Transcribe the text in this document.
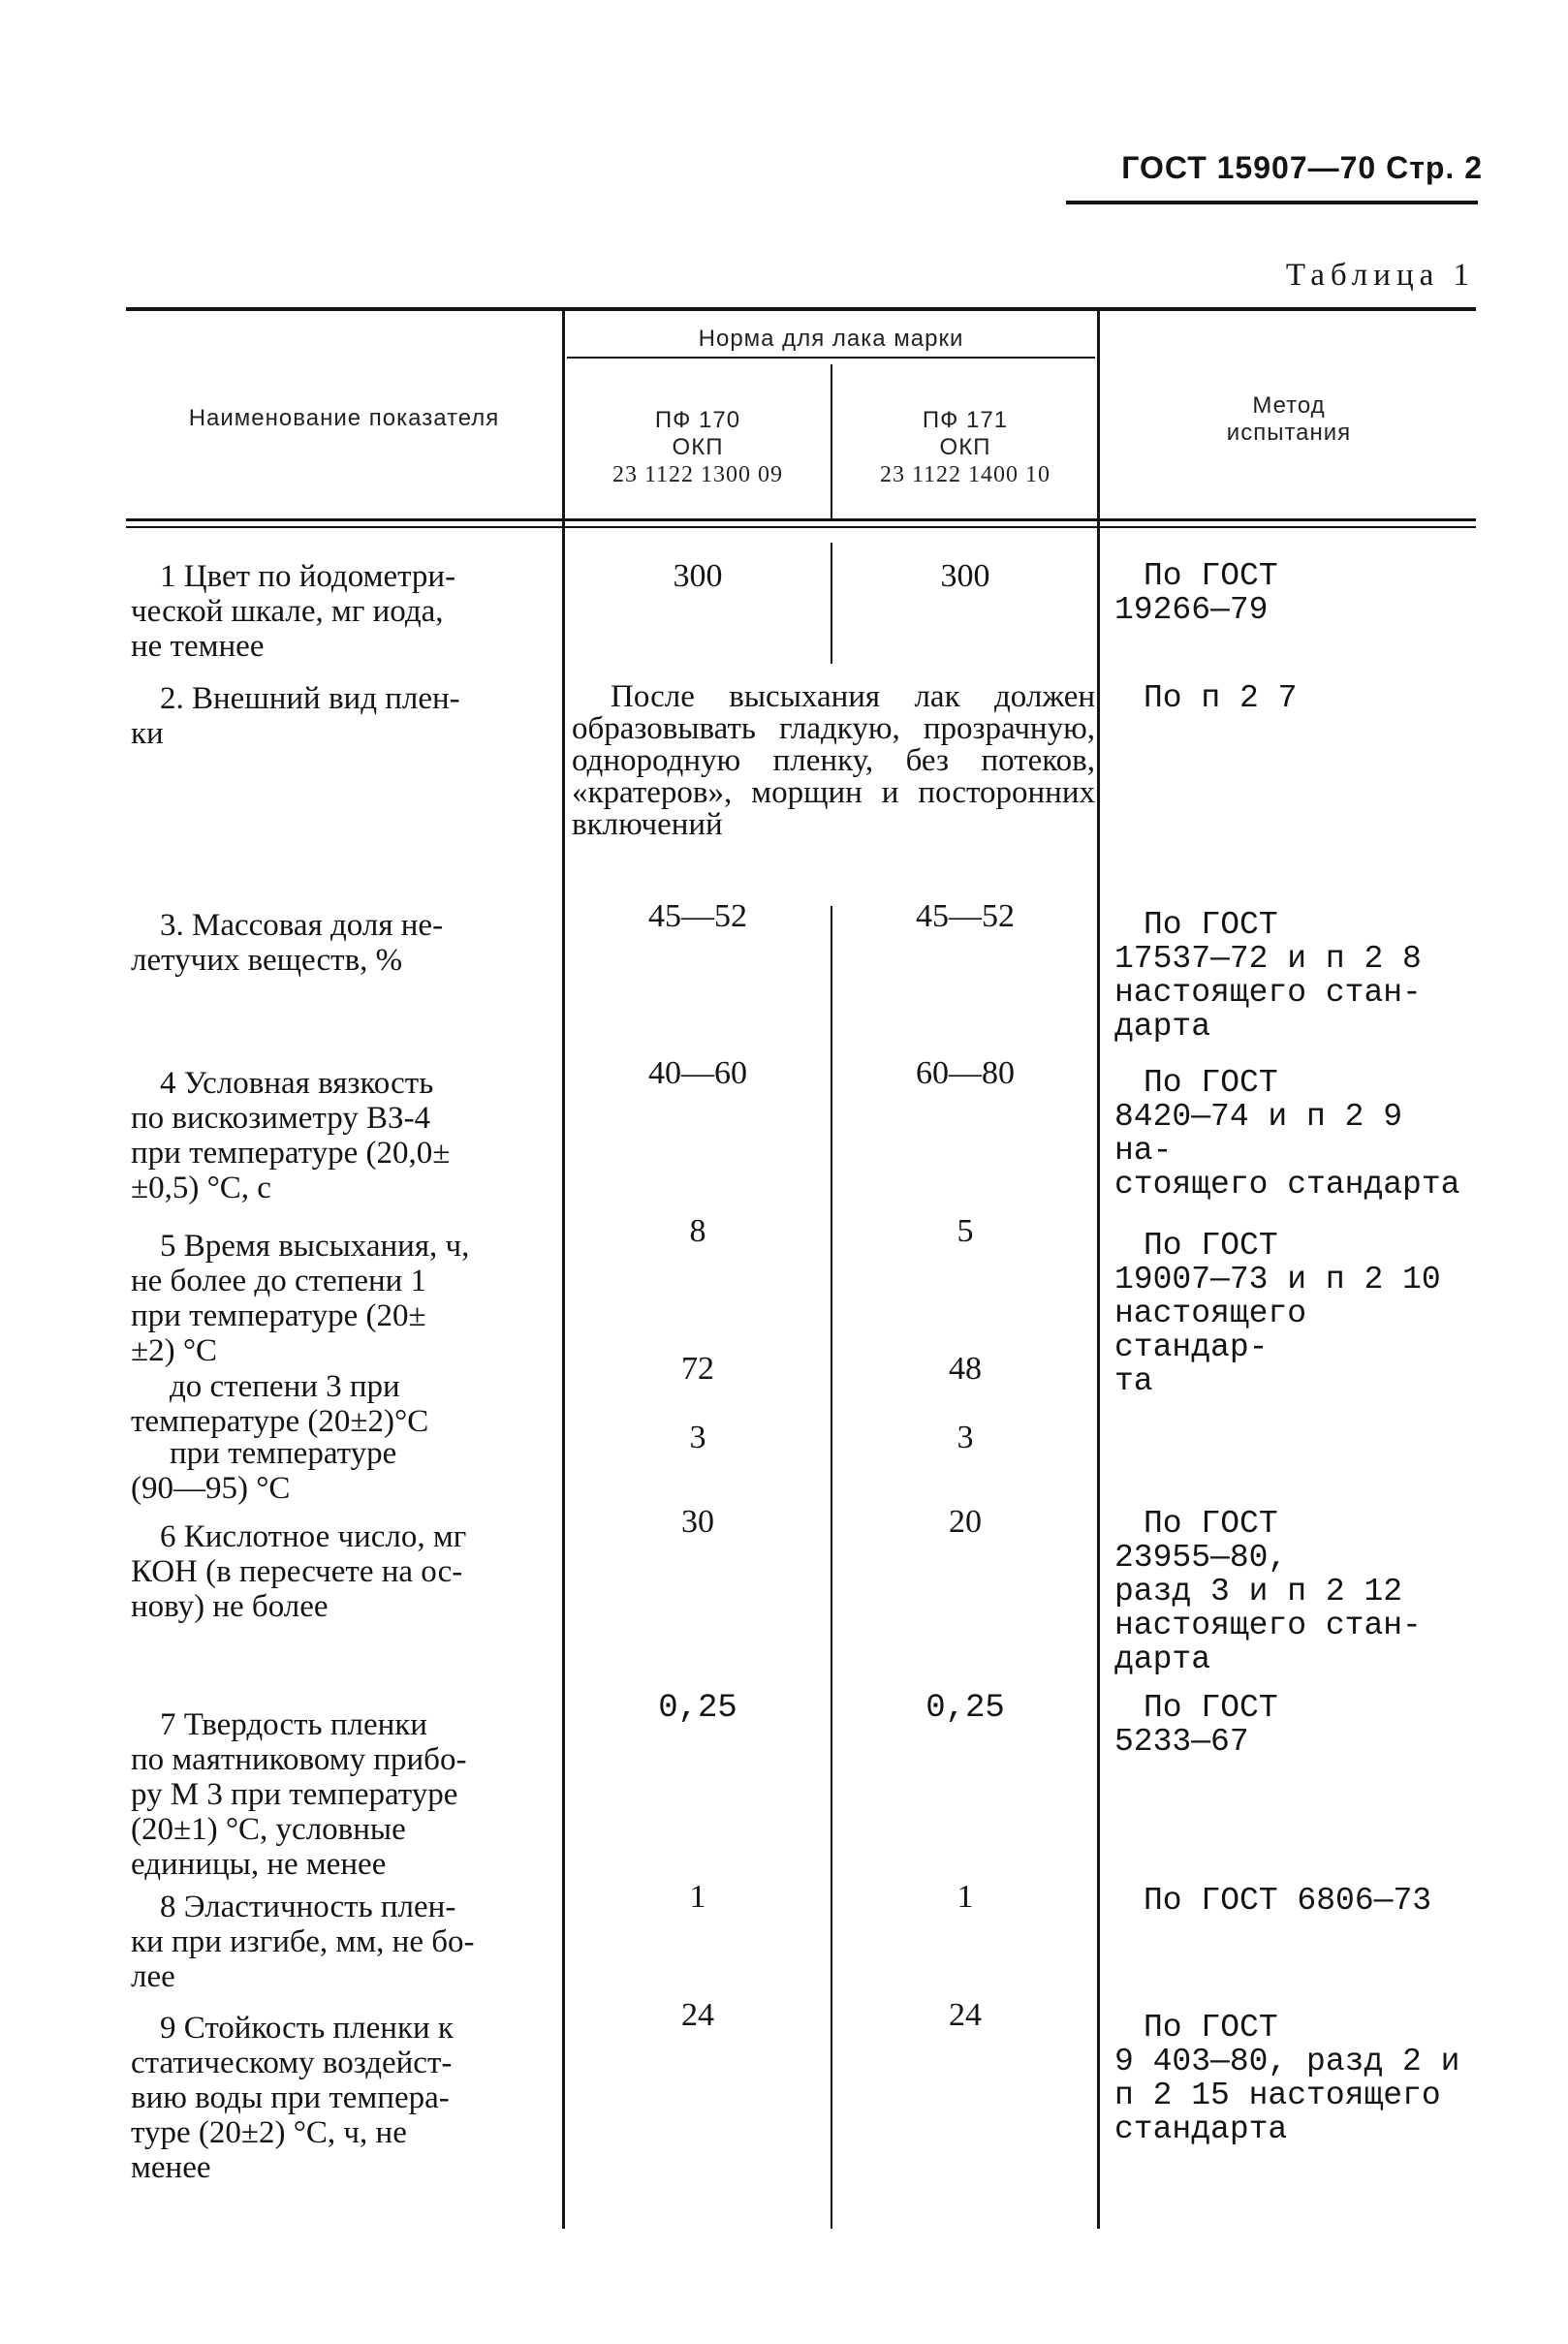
ГОСТ 15907—70 Стр. 2
Таблица 1
Наименование показателя
Норма для лака марки
ПФ 170
ОКП
23 1122 1300 09
ПФ 171
ОКП
23 1122 1400 10
Метод
испытания
1 Цвет по йодометри-
ческой шкале, мг иода,
не темнее
300	300	По ГОСТ
19266—79
2. Внешний вид плен-
ки
После высыхания лак должен образовывать гладкую, прозрачную, однородную пленку, без потеков, «кратеров», морщин и посторонних включений
По п 2 7
3. Массовая доля не-
летучих веществ, %
45—52	45—52	По ГОСТ
17537—72 и п 2 8
настоящего стан-
дарта
4 Условная вязкость
по вискозиметру ВЗ-4
при температуре (20,0±
±0,5) °С, с
40—60	60—80	По ГОСТ
8420—74 и п 2 9 на-
стоящего стандарта
5 Время высыхания, ч,
не более до степени 1
при температуре (20±
±2) °С
8	5	По ГОСТ
19007—73 и п 2 10
настоящего стандар-
та
до степени 3 при
температуре (20±2)°С
72	48
при температуре
(90—95) °С
3	3
6 Кислотное число, мг
КОН (в пересчете на ос-
нову) не более
30	20	По ГОСТ
23955—80,
разд 3 и п 2 12
настоящего стан-
дарта
7 Твердость пленки
по маятниковому прибо-
ру М 3 при температуре
(20±1) °С, условные
единицы, не менее
0,25	0,25	По ГОСТ
5233—67
8 Эластичность плен-
ки при изгибе, мм, не бо-
лее
1	1	По ГОСТ 6806—73
9 Стойкость пленки к
статическому воздейст-
вию воды при темпера-
туре (20±2) °С, ч, не
менее
24	24	По ГОСТ
9 403—80, разд 2 и
п 2 15 настоящего
стандарта
